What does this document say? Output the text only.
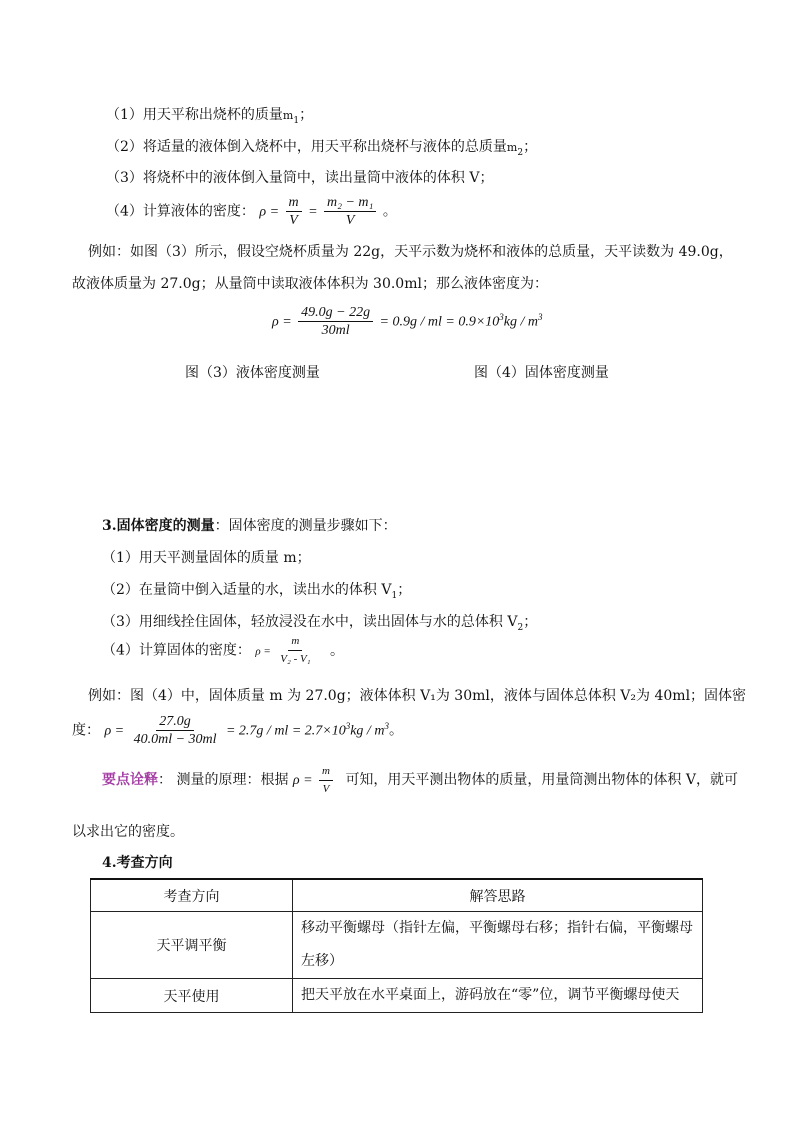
（1）用天平称出烧杯的质量$m_1$；
（2）将适量的液体倒入烧杯中，用天平称出烧杯与液体的总质量$m_2$；
（3）将烧杯中的液体倒入量筒中，读出量筒中液体的体积 V；
（4）计算液体的密度： $\rho = \frac{m}{V} = \frac{\text{m₂ − m₁}}{V}$ 。
例如：如图（3）所示，假设空烧杯质量为 22g，天平示数为烧杯和液体的总质量，天平读数为 49.0g，
故液体质量为 27.0g；从量筒中读取液体体积为 30.0ml；那么液体密度为：
$\rho = \frac{49.0g - 22g}{30ml} = 0.9g$ / ml = $0.9\times 10^3kg / m^3$
图（3）液体密度测量	图（4）固体密度测量
3.固体密度的测量：固体密度的测量步骤如下：
（1）用天平测量固体的质量 m；
（2）在量筒中倒入适量的水，读出水的体积 $V_1$；
（3）用细线拴住固体，轻放浸没在水中，读出固体与水的总体积 $V_2$；
（4）计算固体的密度： $\rho = \frac{m}{\text{V₂ - V₁}}$ 。
例如：图（4）中，固体质量 m 为 27.0g；液体体积 V₁为 30ml，液体与固体总体积 V₂为 40ml；固体密
度： $\rho = \frac{27.0g}{40.0ml - 30ml} = 2.7g$ / ml = $2.7\times 10^3kg / m^3$。
要点诠释： 测量的原理：根据 $\rho = \frac{m}{V}$ 可知，用天平测出物体的质量，用量筒测出物体的体积 V，就可
以求出它的密度。
4.考查方向
考查方向	解答思路
天平调平衡	移动平衡螺母（指针左偏，平衡螺母右移；指针右偏，平衡螺母左移）
天平使用	把天平放在水平桌面上，游码放在“零”位，调节平衡螺母使天
